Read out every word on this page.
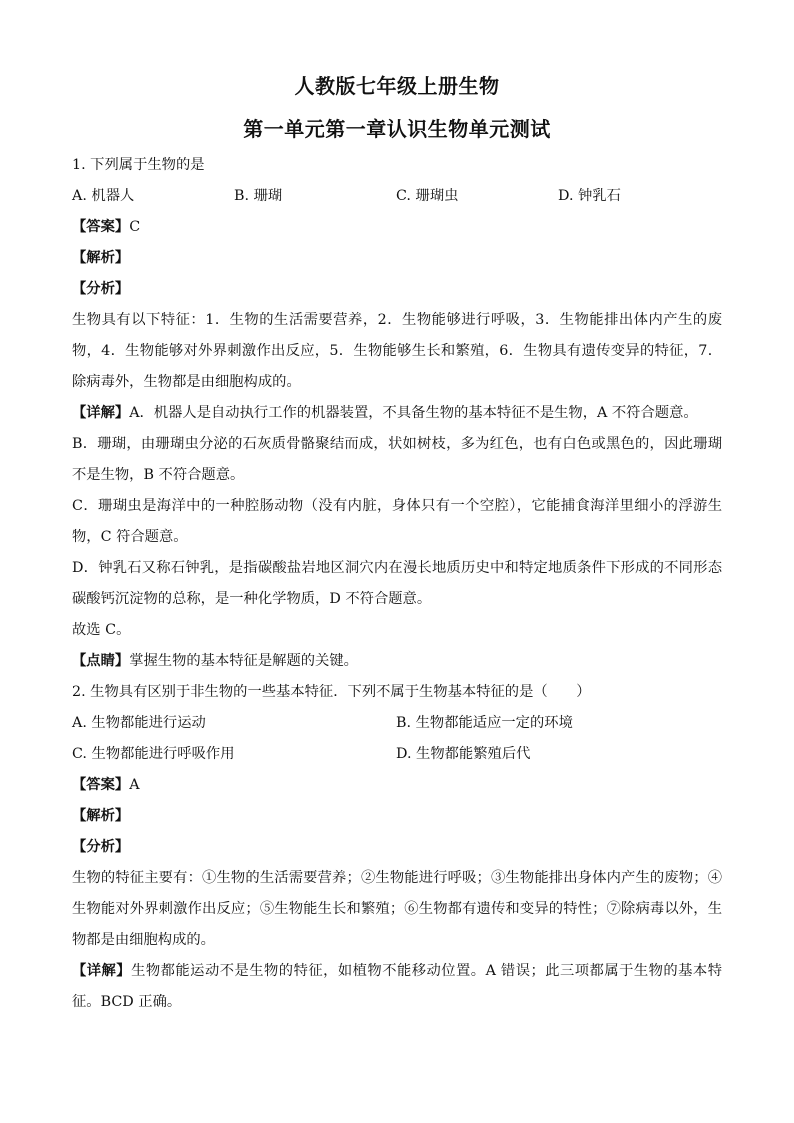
人教版七年级上册生物
第一单元第一章认识生物单元测试
1. 下列属于生物的是
A. 机器人	B. 珊瑚	C. 珊瑚虫	D. 钟乳石
【答案】C
【解析】
【分析】
生物具有以下特征：1．生物的生活需要营养，2．生物能够进行呼吸，3．生物能排出体内产生的废物，4．生物能够对外界刺激作出反应，5．生物能够生长和繁殖，6．生物具有遗传变异的特征，7．除病毒外，生物都是由细胞构成的。
【详解】A．机器人是自动执行工作的机器装置，不具备生物的基本特征不是生物，A 不符合题意。
B．珊瑚，由珊瑚虫分泌的石灰质骨骼聚结而成，状如树枝，多为红色，也有白色或黑色的，因此珊瑚不是生物，B 不符合题意。
C．珊瑚虫是海洋中的一种腔肠动物（没有内脏，身体只有一个空腔），它能捕食海洋里细小的浮游生物，C 符合题意。
D．钟乳石又称石钟乳，是指碳酸盐岩地区洞穴内在漫长地质历史中和特定地质条件下形成的不同形态碳酸钙沉淀物的总称，是一种化学物质，D 不符合题意。
故选 C。
【点睛】掌握生物的基本特征是解题的关键。
2. 生物具有区别于非生物的一些基本特征．下列不属于生物基本特征的是（　　）
A. 生物都能进行运动	B. 生物都能适应一定的环境
C. 生物都能进行呼吸作用	D. 生物都能繁殖后代
【答案】A
【解析】
【分析】
生物的特征主要有：①生物的生活需要营养；②生物能进行呼吸；③生物能排出身体内产生的废物；④生物能对外界刺激作出反应；⑤生物能生长和繁殖；⑥生物都有遗传和变异的特性；⑦除病毒以外，生物都是由细胞构成的。
【详解】生物都能运动不是生物的特征，如植物不能移动位置。A 错误；此三项都属于生物的基本特征。BCD 正确。
